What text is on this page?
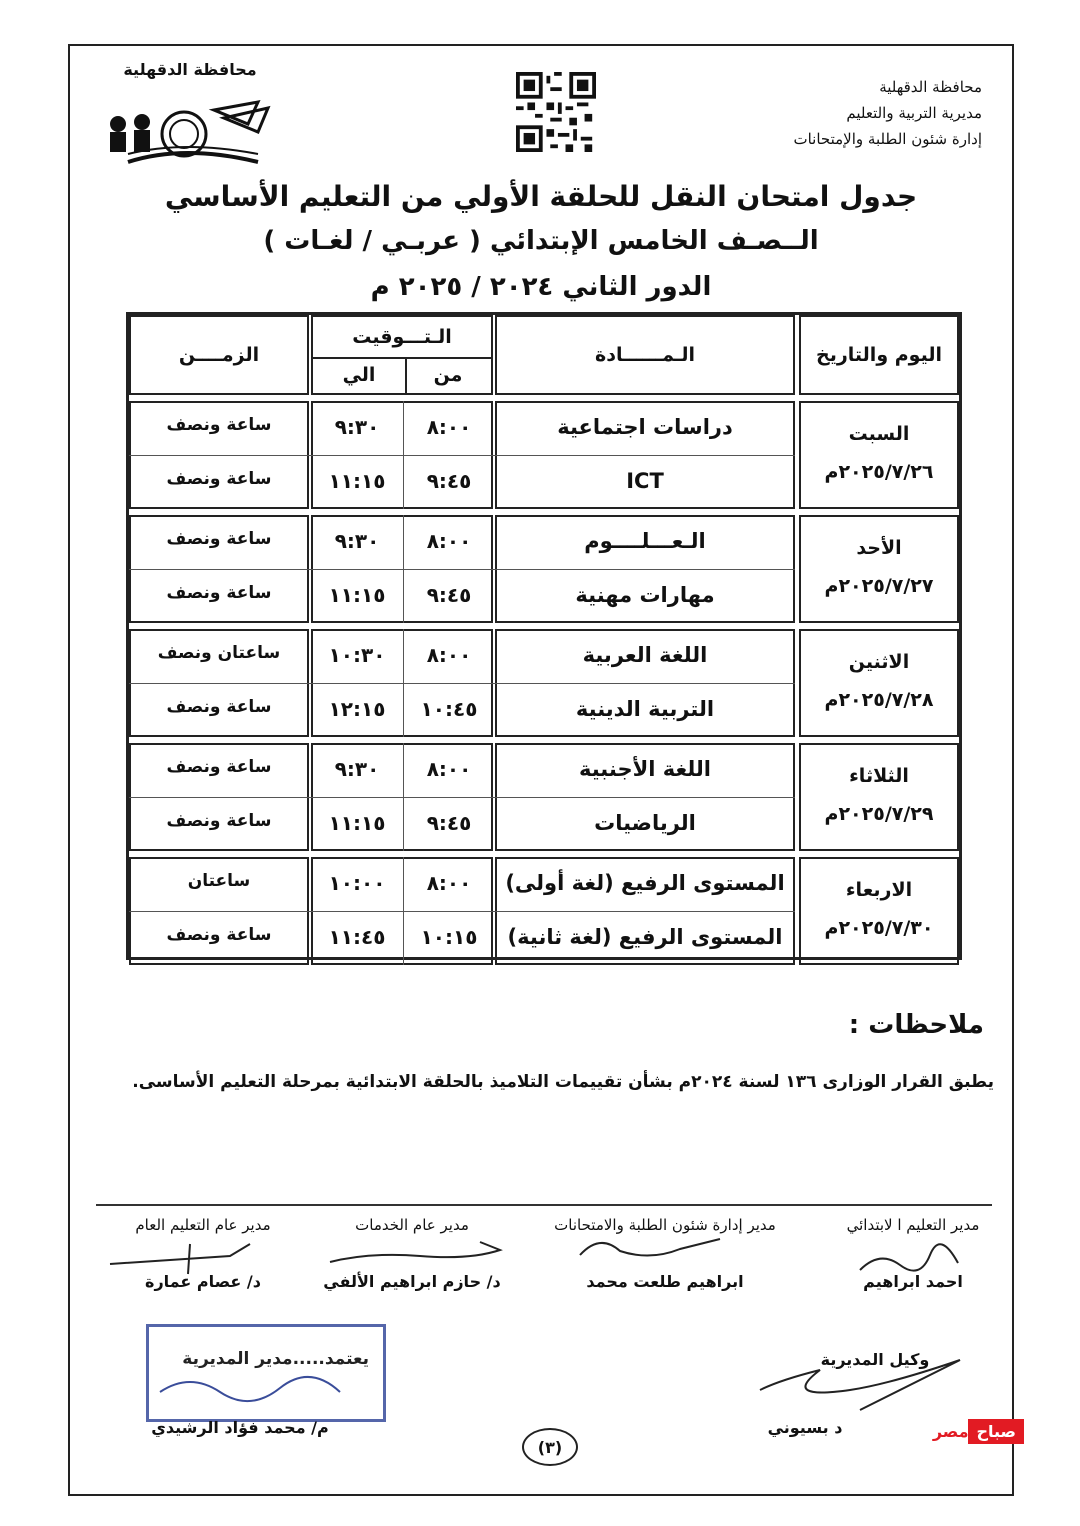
محافظة الدقهلية
مديرية التربية والتعليم
إدارة شئون الطلبة والإمتحانات
محافظة الدقهلية
جدول امتحان النقل للحلقة الأولي من التعليم الأساسي
الــصـف الخامس الإبتدائي ( عربـي / لغـات )
الدور الثاني ٢٠٢٤ / ٢٠٢٥ م
اليوم والتاريخ
الـمــــــادة
الـتـــوقيت
من
الي
الزمــــن
السبت
٢٠٢٥/٧/٢٦م
دراسات اجتماعية
٨:٠٠
٩:٣٠
ساعة ونصف
ICT
٩:٤٥
١١:١٥
ساعة ونصف
الأحد
٢٠٢٥/٧/٢٧م
الـعـــلــــوم
٨:٠٠
٩:٣٠
ساعة ونصف
مهارات مهنية
٩:٤٥
١١:١٥
ساعة ونصف
الاثنين
٢٠٢٥/٧/٢٨م
اللغة العربية
٨:٠٠
١٠:٣٠
ساعتان ونصف
التربية الدينية
١٠:٤٥
١٢:١٥
ساعة ونصف
الثلاثاء
٢٠٢٥/٧/٢٩م
اللغة الأجنبية
٨:٠٠
٩:٣٠
ساعة ونصف
الرياضيات
٩:٤٥
١١:١٥
ساعة ونصف
الاربعاء
٢٠٢٥/٧/٣٠م
المستوى الرفيع (لغة أولى)
٨:٠٠
١٠:٠٠
ساعتان
المستوى الرفيع (لغة ثانية)
١٠:١٥
١١:٤٥
ساعة ونصف
ملاحظات :
يطبق القرار الوزارى ١٣٦ لسنة ٢٠٢٤م بشأن تقييمات التلاميذ بالحلقة الابتدائية بمرحلة التعليم الأساسى.
مدير التعليم ا لابتدائي
احمد ابراهيم
مدير إدارة شئون الطلبة والامتحانات
ابراهيم طلعت محمد
مدير عام الخدمات
د/ حازم ابراهيم الألفي
مدير عام التعليم العام
د/ عصام عمارة
وكيل المديرية
د بسيوني
يعتمد.....مدير المديرية
م/ محمد فؤاد الرشيدي
(٣)
مصر صباح
